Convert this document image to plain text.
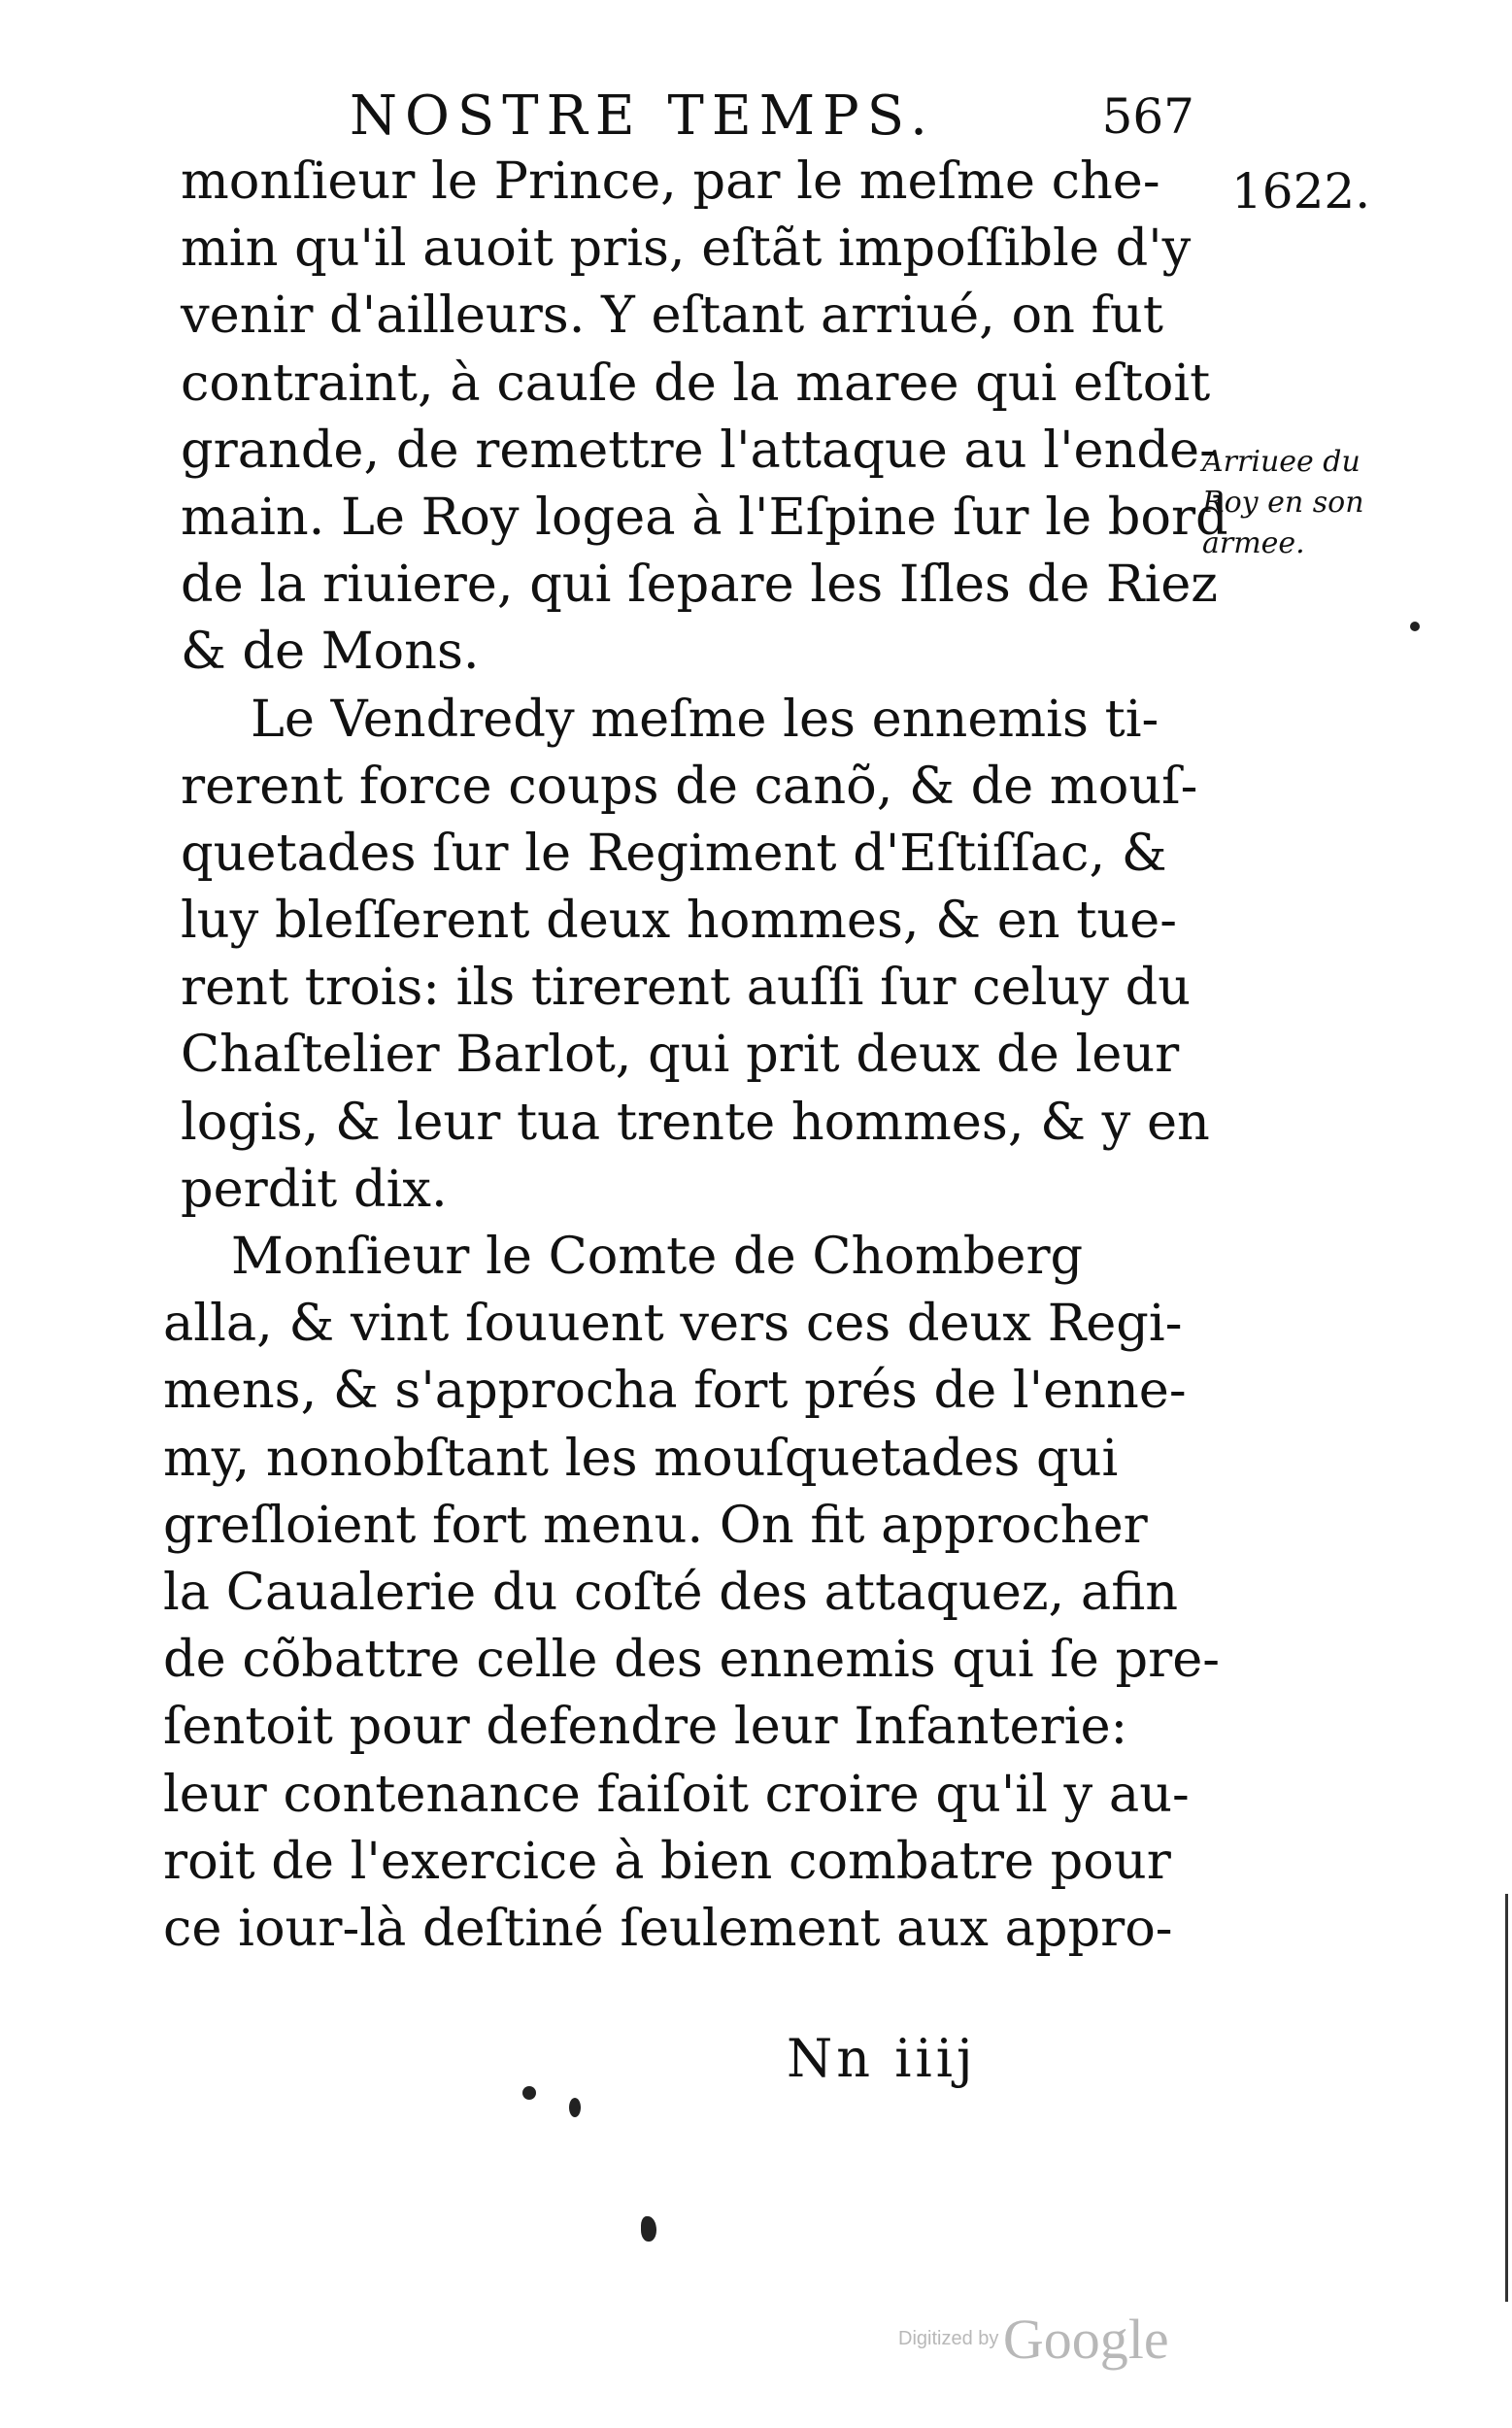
NOSTRE TEMPS.	567
1622.
monſieur le Prince, par le meſme che-
min qu'il auoit pris, eſtãt impoſſible d'y
venir d'ailleurs. Y eſtant arriué, on fut
contraint, à cauſe de la maree qui eſtoit
grande, de remettre l'attaque au l'ende-
main. Le Roy logea à l'Eſpine ſur le bord
de la riuiere, qui ſepare les Iſles de Riez
& de Mons.
Le Vendredy meſme les ennemis ti-
rerent force coups de canõ, & de mouſ-
quetades ſur le Regiment d'Eſtiſſac, &
luy bleſſerent deux hommes, & en tue-
rent trois: ils tirerent auſſi ſur celuy du
Chaſtelier Barlot, qui prit deux de leur
logis, & leur tua trente hommes, & y en
perdit dix.
Monſieur le Comte de Chomberg
alla, & vint ſouuent vers ces deux Regi-
mens, & s'approcha fort prés de l'enne-
my, nonobſtant les mouſquetades qui
greſloient fort menu. On fit approcher
la Caualerie du coſté des attaquez, afin
de cõbattre celle des ennemis qui ſe pre-
ſentoit pour defendre leur Infanterie:
leur contenance faiſoit croire qu'il y au-
roit de l'exercice à bien combatre pour
ce iour-là deſtiné ſeulement aux appro-
Arriuee du
Roy en son
armee.
Nn iiij
Digitized by Google
